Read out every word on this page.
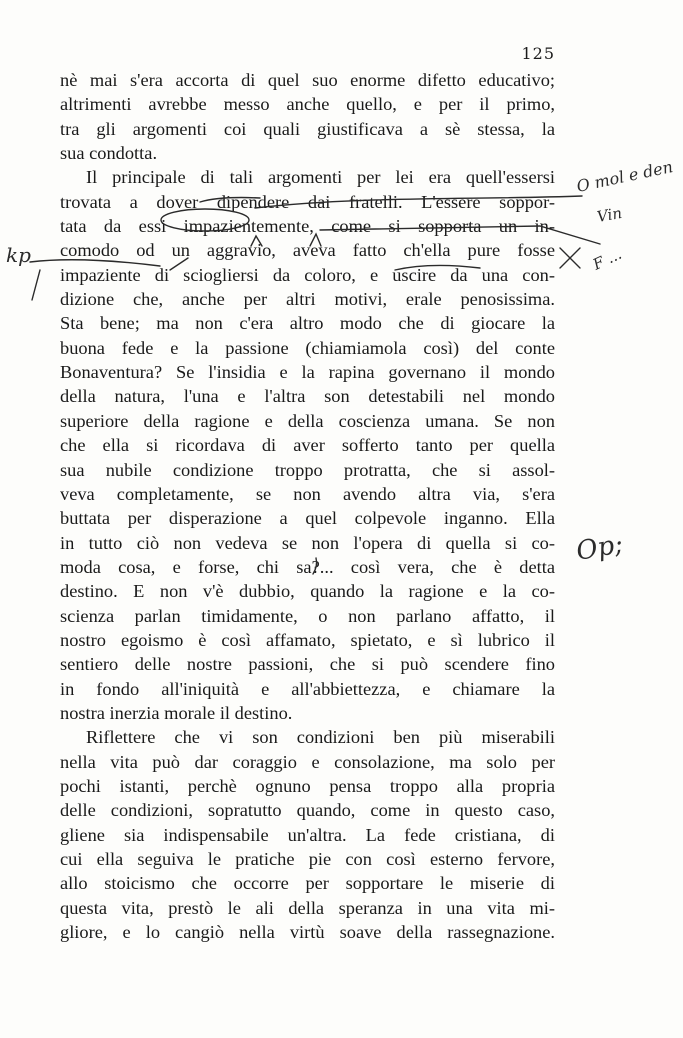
125
nè mai s'era accorta di quel suo enorme difetto educativo;
altrimenti avrebbe messo anche quello, e per il primo,
tra gli argomenti coi quali giustificava a sè stessa, la
sua condotta.
Il principale di tali argomenti per lei era quell'essersi
trovata a dover dipendere dai fratelli. L'essere soppor-
tata da essi impazientemente, come si sopporta un in-
comodo od un aggravio, aveva fatto ch'ella pure fosse
impaziente di sciogliersi da coloro, e uscire da una con-
dizione che, anche per altri motivi, erale penosissima.
Sta bene; ma non c'era altro modo che di giocare la
buona fede e la passione (chiamiamola così) del conte
Bonaventura? Se l'insidia e la rapina governano il mondo
della natura, l'una e l'altra son detestabili nel mondo
superiore della ragione e della coscienza umana. Se non
che ella si ricordava di aver sofferto tanto per quella
sua nubile condizione troppo protratta, che si assol-
veva completamente, se non avendo altra via, s'era
buttata per disperazione a quel colpevole inganno. Ella
in tutto ciò non vedeva se non l'opera di quella si co-
moda cosa, e forse, chi sa?... così vera, che è detta
destino. E non v'è dubbio, quando la ragione e la co-
scienza parlan timidamente, o non parlano affatto, il
nostro egoismo è così affamato, spietato, e sì lubrico il
sentiero delle nostre passioni, che si può scendere fino
in fondo all'iniquità e all'abbiettezza, e chiamare la
nostra inerzia morale il destino.
Riflettere che vi son condizioni ben più miserabili
nella vita può dar coraggio e consolazione, ma solo per
pochi istanti, perchè ognuno pensa troppo alla propria
delle condizioni, sopratutto quando, come in questo caso,
gliene sia indispensabile un'altra. La fede cristiana, di
cui ella seguiva le pratiche pie con così esterno fervore,
allo stoicismo che occorre per sopportare le miserie di
questa vita, prestò le ali della speranza in una vita mi-
gliore, e lo cangiò nella virtù soave della rassegnazione.
kp
O mol e den
Vin
F ...
Op;
